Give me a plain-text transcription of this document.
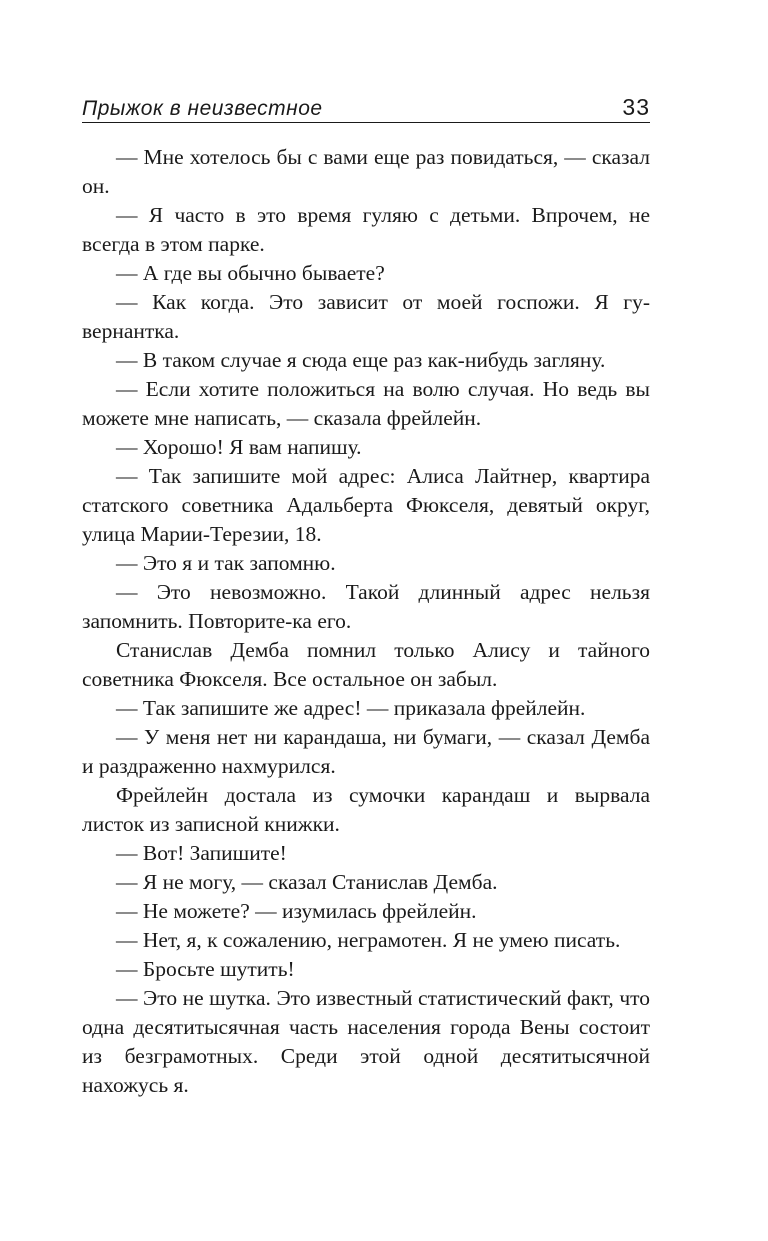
Прыжок в неизвестное	33

— Мне хотелось бы с вами еще раз повидаться, — сказал он.

— Я часто в это время гуляю с детьми. Впрочем, не всегда в этом парке.

— А где вы обычно бываете?

— Как когда. Это зависит от моей госпожи. Я гувернантка.

— В таком случае я сюда еще раз как-нибудь загляну.

— Если хотите положиться на волю случая. Но ведь вы можете мне написать, — сказала фрейлейн.

— Хорошо! Я вам напишу.

— Так запишите мой адрес: Алиса Лайтнер, квартира статского советника Адальберта Фюкселя, девятый округ, улица Марии-Терезии, 18.

— Это я и так запомню.

— Это невозможно. Такой длинный адрес нельзя запомнить. Повторите-ка его.

Станислав Демба помнил только Алису и тайного советника Фюкселя. Все остальное он забыл.

— Так запишите же адрес! — приказала фрейлейн.

— У меня нет ни карандаша, ни бумаги, — сказал Демба и раздраженно нахмурился.

Фрейлейн достала из сумочки карандаш и вырвала листок из записной книжки.

— Вот! Запишите!

— Я не могу, — сказал Станислав Демба.

— Не можете? — изумилась фрейлейн.

— Нет, я, к сожалению, неграмотен. Я не умею писать.

— Бросьте шутить!

— Это не шутка. Это известный статистический факт, что одна десятитысячная часть населения города Вены состоит из безграмотных. Среди этой одной десятитысячной нахожусь я.
